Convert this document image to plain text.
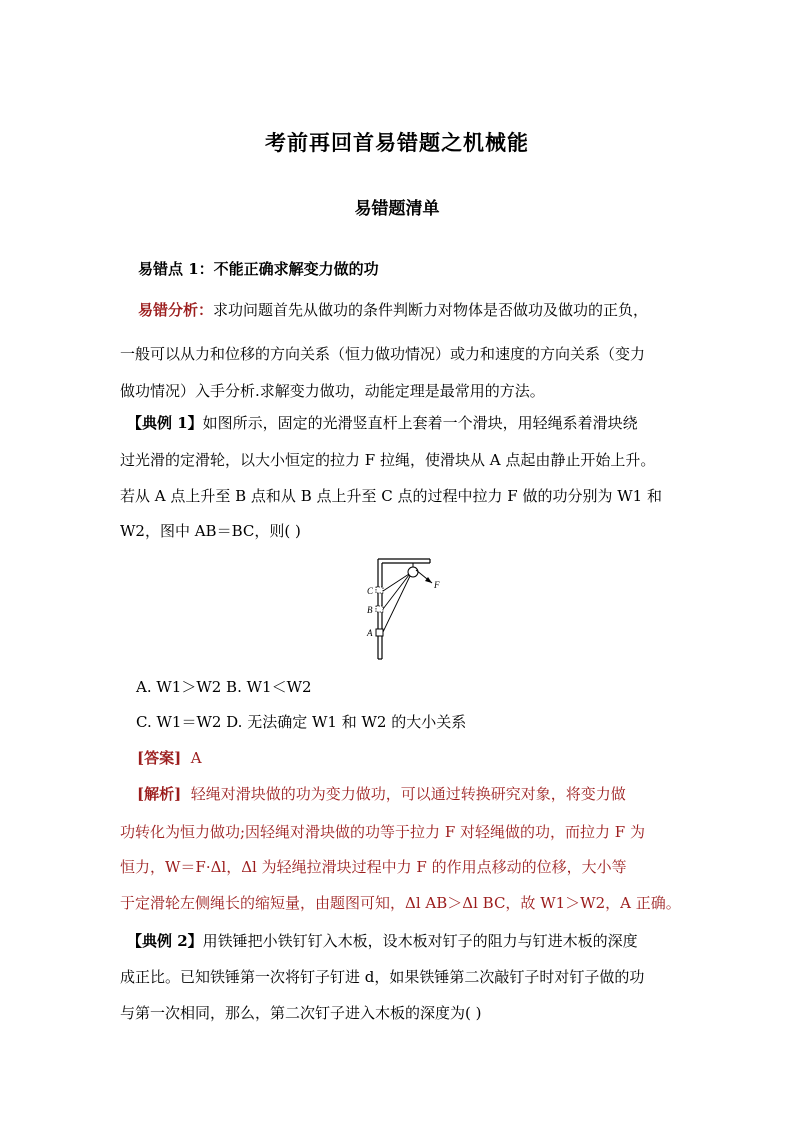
考前再回首易错题之机械能
易错题清单
易错点 1：不能正确求解变力做的功
易错分析：求功问题首先从做功的条件判断力对物体是否做功及做功的正负，
一般可以从力和位移的方向关系（恒力做功情况）或力和速度的方向关系（变力
做功情况）入手分析.求解变力做功，动能定理是最常用的方法。
【典例 1】如图所示，固定的光滑竖直杆上套着一个滑块，用轻绳系着滑块绕
过光滑的定滑轮，以大小恒定的拉力 F 拉绳，使滑块从 A 点起由静止开始上升。
若从 A 点上升至 B 点和从 B 点上升至 C 点的过程中拉力 F 做的功分别为 W1 和
W2，图中 AB＝BC，则( )
C
B
A
F
A. W1＞W2 B. W1＜W2
C. W1＝W2 D. 无法确定 W1 和 W2 的大小关系
[答案] A
[解析] 轻绳对滑块做的功为变力做功，可以通过转换研究对象，将变力做
功转化为恒力做功;因轻绳对滑块做的功等于拉力 F 对轻绳做的功，而拉力 F 为
恒力，W＝F·Δl，Δl 为轻绳拉滑块过程中力 F 的作用点移动的位移，大小等
于定滑轮左侧绳长的缩短量，由题图可知，Δl AB＞Δl BC，故 W1＞W2，A 正确。
【典例 2】用铁锤把小铁钉钉入木板，设木板对钉子的阻力与钉进木板的深度
成正比。已知铁锤第一次将钉子钉进 d，如果铁锤第二次敲钉子时对钉子做的功
与第一次相同，那么，第二次钉子进入木板的深度为( )
